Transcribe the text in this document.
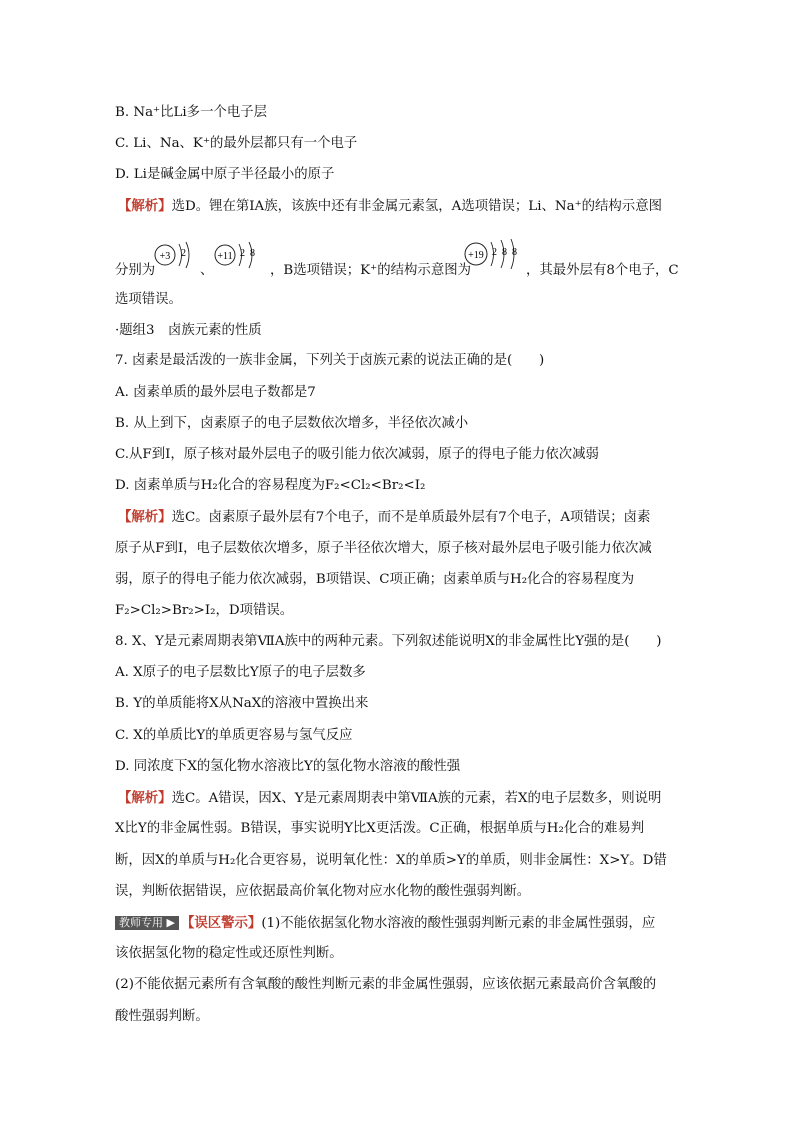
B. Na⁺比Li多一个电子层
C. Li、Na、K⁺的最外层都只有一个电子
D. Li是碱金属中原子半径最小的原子
【解析】选D。锂在第ⅠA族，该族中还有非金属元素氢，A选项错误；Li、Na⁺的结构示意图
分别为
+3 2
、
+11 2 8
，B选项错误；K⁺的结构示意图为
+19 2 8 8
，其最外层有8个电子，C
选项错误。
·题组3　卤族元素的性质
7. 卤素是最活泼的一族非金属，下列关于卤族元素的说法正确的是(　　)
A. 卤素单质的最外层电子数都是7
B. 从上到下，卤素原子的电子层数依次增多，半径依次减小
C.从F到I，原子核对最外层电子的吸引能力依次减弱，原子的得电子能力依次减弱
D. 卤素单质与H₂化合的容易程度为F₂<Cl₂<Br₂<I₂
【解析】选C。卤素原子最外层有7个电子，而不是单质最外层有7个电子，A项错误；卤素
原子从F到I，电子层数依次增多，原子半径依次增大，原子核对最外层电子吸引能力依次减
弱，原子的得电子能力依次减弱，B项错误、C项正确；卤素单质与H₂化合的容易程度为
F₂>Cl₂>Br₂>I₂，D项错误。
8. X、Y是元素周期表第ⅦA族中的两种元素。下列叙述能说明X的非金属性比Y强的是(　　)
A. X原子的电子层数比Y原子的电子层数多
B. Y的单质能将X从NaX的溶液中置换出来
C. X的单质比Y的单质更容易与氢气反应
D. 同浓度下X的氢化物水溶液比Y的氢化物水溶液的酸性强
【解析】选C。A错误，因X、Y是元素周期表中第ⅦA族的元素，若X的电子层数多，则说明
X比Y的非金属性弱。B错误，事实说明Y比X更活泼。C正确，根据单质与H₂化合的难易判
断，因X的单质与H₂化合更容易，说明氧化性：X的单质>Y的单质，则非金属性：X>Y。D错
误，判断依据错误，应依据最高价氧化物对应水化物的酸性强弱判断。
教师专用 ▶ 【误区警示】(1)不能依据氢化物水溶液的酸性强弱判断元素的非金属性强弱，应
该依据氢化物的稳定性或还原性判断。
(2)不能依据元素所有含氧酸的酸性判断元素的非金属性强弱，应该依据元素最高价含氧酸的
酸性强弱判断。
